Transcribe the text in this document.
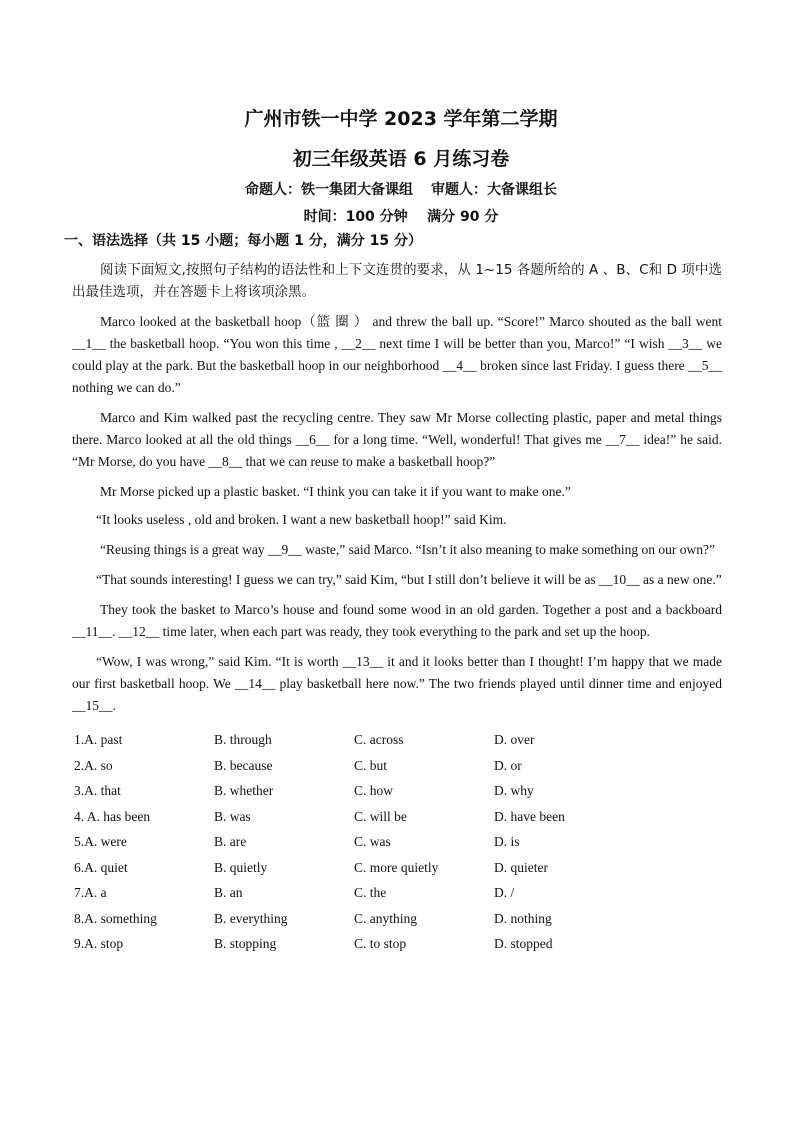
广州市铁一中学 2023 学年第二学期
初三年级英语 6 月练习卷
命题人：铁一集团大备课组 审题人：大备课组长
时间：100 分钟    满分 90 分
一、语法选择（共 15 小题；每小题 1 分，满分 15 分）
阅读下面短文,按照句子结构的语法性和上下文连贯的要求，从 1~15 各题所给的 A 、B、C和 D 项中选出最佳选项，并在答题卡上将该项涂黑。

Marco looked at the basketball hoop（篮 圈 ） and threw the ball up. “Score!” Marco shouted as the ball went __1__ the basketball hoop. “You won this time , __2__ next time I will be better than you, Marco!” “I wish __3__ we could play at the park. But the basketball hoop in our neighborhood __4__ broken since last Friday. I guess there __5__ nothing we can do.”

Marco and Kim walked past the recycling centre. They saw Mr Morse collecting plastic, paper and metal things there. Marco looked at all the old things __6__ for a long time. “Well, wonderful! That gives me __7__ idea!” he said. “Mr Morse, do you have __8__ that we can reuse to make a basketball hoop?”

Mr Morse picked up a plastic basket. “I think you can take it if you want to make one.”

“It looks useless , old and broken. I want a new basketball hoop!” said Kim.

“Reusing things is a great way __9__ waste,” said Marco. “Isn’t it also meaning to make something on our own?”

“That sounds interesting! I guess we can try,” said Kim, “but I still don’t believe it will be as __10__ as a new one.”

They took the basket to Marco’s house and found some wood in an old garden. Together a post and a backboard __11__. __12__ time later, when each part was ready, they took everything to the park and set up the hoop.

“Wow, I was wrong,” said Kim. “It is worth __13__ it and it looks better than I thought! I’m happy that we made our first basketball hoop. We __14__ play basketball here now.” The two friends played until dinner time and enjoyed __15__.

1.A. past	B. through	C. across	D. over
2.A. so	B. because	C. but	D. or
3.A. that	B. whether	C. how	D. why
4. A. has been	B. was	C. will be	D. have been
5.A. were	B. are	C. was	D. is
6.A. quiet	B. quietly	C. more quietly	D. quieter
7.A. a	B. an	C. the	D. /
8.A. something	B. everything	C. anything	D. nothing
9.A. stop	B. stopping	C. to stop	D. stopped
